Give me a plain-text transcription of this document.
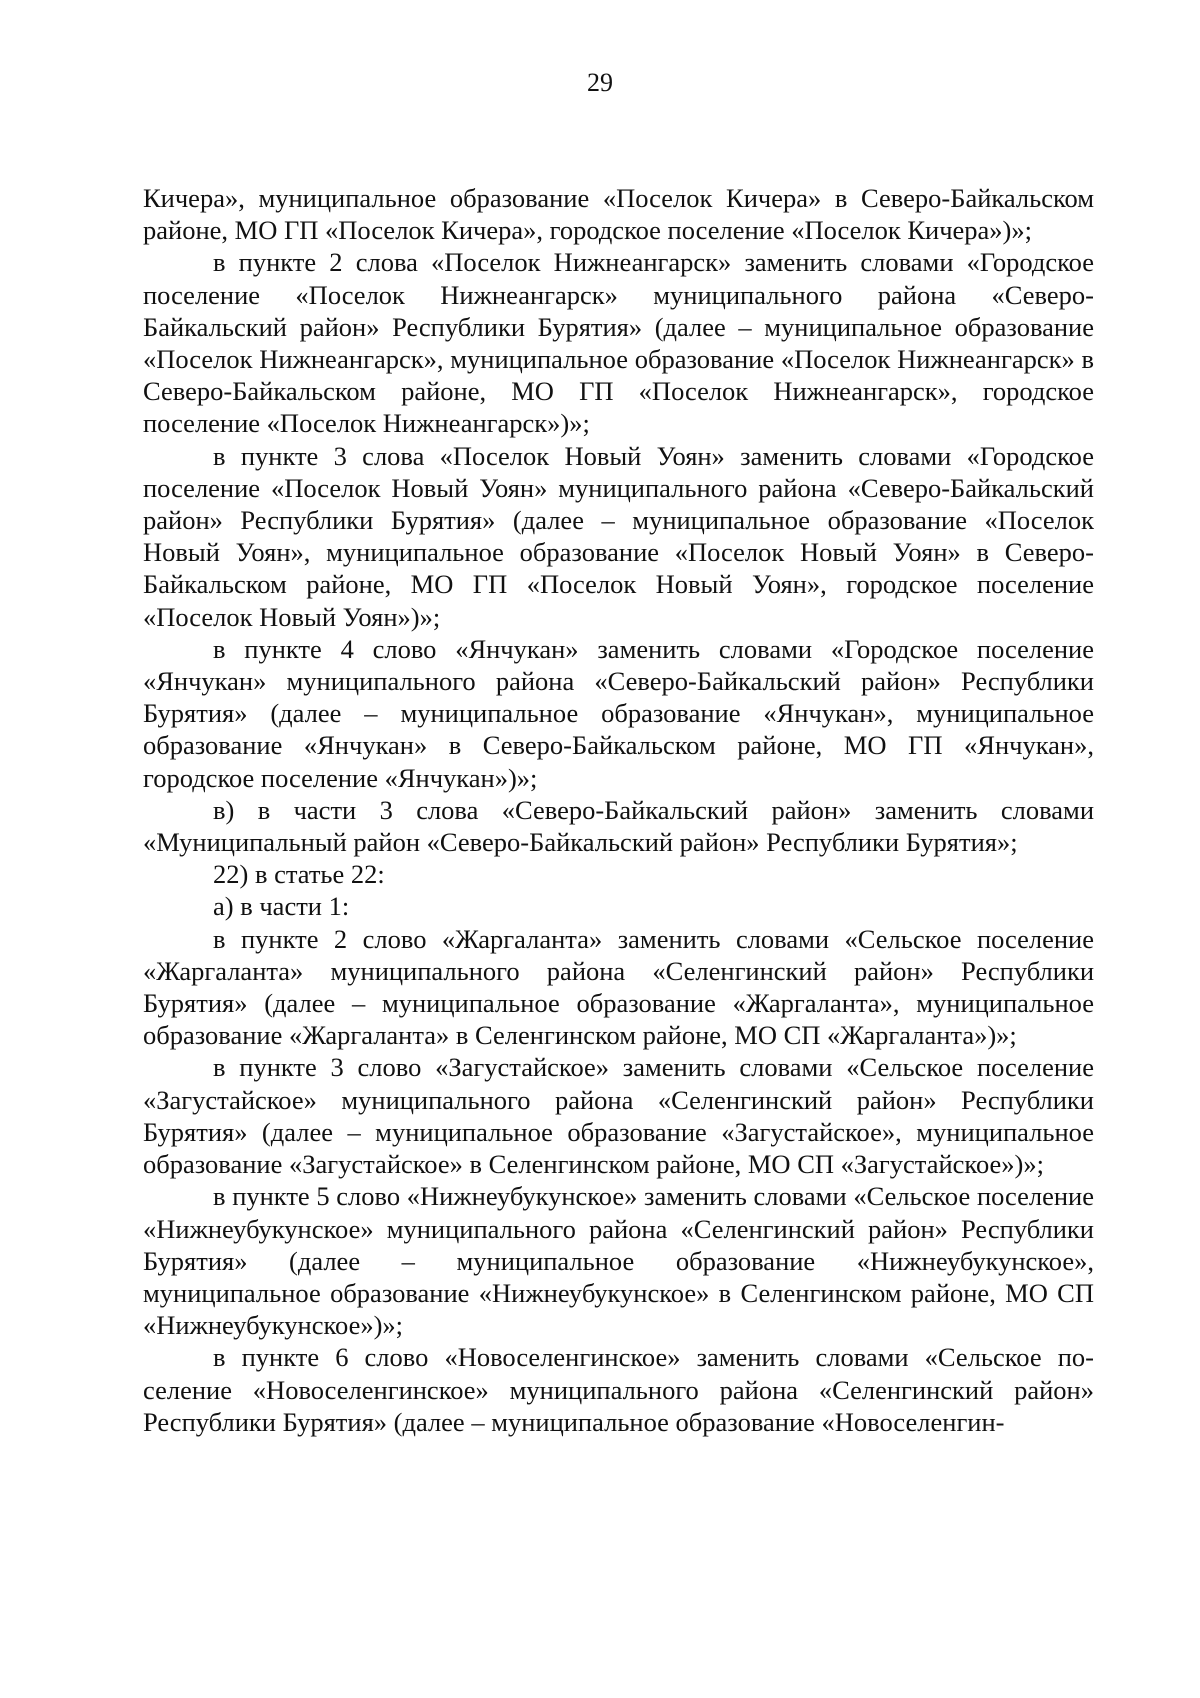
29

Кичера», муниципальное образование «Поселок Кичера» в Северо-Байкальском районе, МО ГП «Поселок Кичера», городское поселение «Поселок Кичера»)»;

в пункте 2 слова «Поселок Нижнеангарск» заменить словами «Городское поселение «Поселок Нижнеангарск» муниципального района «Северо-Байкальский район» Республики Бурятия» (далее – муниципальное образование «Поселок Нижнеангарск», муниципальное образование «Поселок Нижнеангарск» в Северо-Байкальском районе, МО ГП «Поселок Нижнеангарск», городское поселение «Поселок Нижнеангарск»)»;

в пункте 3 слова «Поселок Новый Уоян» заменить словами «Городское поселение «Поселок Новый Уоян» муниципального района «Северо-Байкальский район» Республики Бурятия» (далее – муниципальное образование «Поселок Новый Уоян», муниципальное образование «Поселок Новый Уоян» в Северо-Байкальском районе, МО ГП «Поселок Новый Уоян», городское поселение «Поселок Новый Уоян»)»;

в пункте 4 слово «Янчукан» заменить словами «Городское поселение «Янчукан» муниципального района «Северо-Байкальский район» Республики Бурятия» (далее – муниципальное образование «Янчукан», муниципальное образование «Янчукан» в Северо-Байкальском районе, МО ГП «Янчукан», городское поселение «Янчукан»)»;

в) в части 3 слова «Северо-Байкальский район» заменить словами «Муниципальный район «Северо-Байкальский район» Республики Бурятия»;

22) в статье 22:

а) в части 1:

в пункте 2 слово «Жаргаланта» заменить словами «Сельское поселение «Жаргаланта» муниципального района «Селенгинский район» Республики Бурятия» (далее – муниципальное образование «Жаргаланта», муниципальное образование «Жаргаланта» в Селенгинском районе, МО СП «Жаргаланта»)»;

в пункте 3 слово «Загустайское» заменить словами «Сельское поселение «Загустайское» муниципального района «Селенгинский район» Республики Бурятия» (далее – муниципальное образование «Загустайское», муниципальное образование «Загустайское» в Селенгинском районе, МО СП «Загустайское»)»;

в пункте 5 слово «Нижнеубукунское» заменить словами «Сельское поселение «Нижнеубукунское» муниципального района «Селенгинский район» Республики Бурятия» (далее – муниципальное образование «Нижнеубукунское», муниципальное образование «Нижнеубукунское» в Селенгинском районе, МО СП «Нижнеубукунское»)»;

в пункте 6 слово «Новоселенгинское» заменить словами «Сельское поселение «Новоселенгинское» муниципального района «Селенгинский район» Республики Бурятия» (далее – муниципальное образование «Новоселенгин-
